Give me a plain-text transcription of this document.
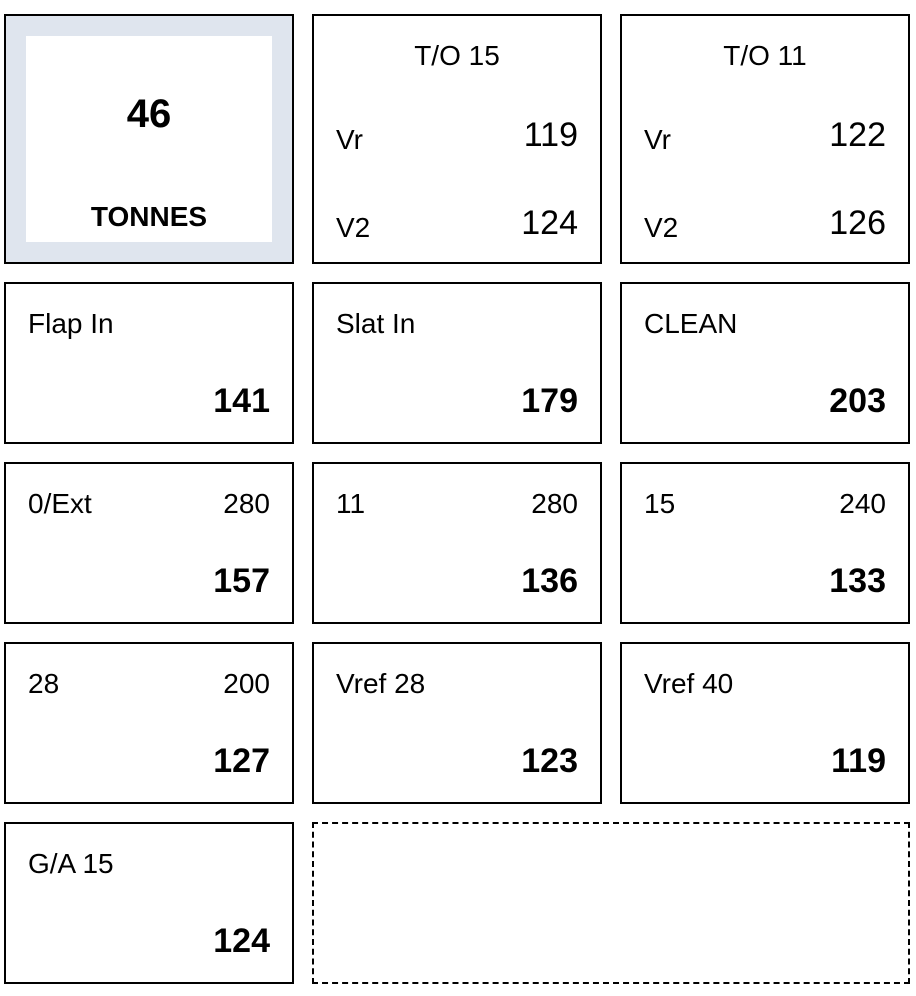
46
TONNES
T/O 15
Vr	119
V2	124
T/O 11
Vr	122
V2	126
Flap In
141
Slat In
179
CLEAN
203
0/Ext	280
157
11	280
136
15	240
133
28	200
127
Vref 28
123
Vref 40
119
G/A 15
124
